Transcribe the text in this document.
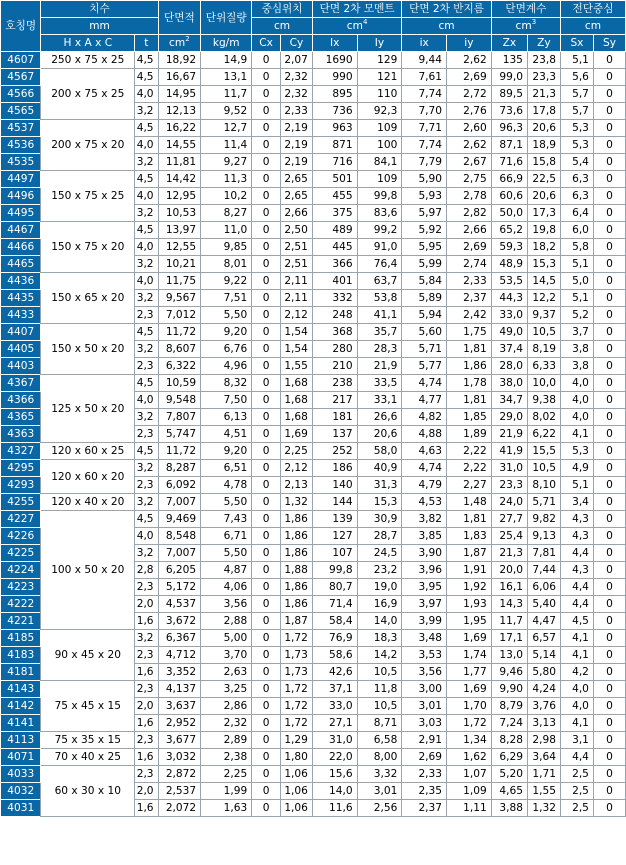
호칭명	치수		단면적	단위질량	중심위치		단면 2차 모멘트		단면 2차 반지름		단면계수		전단중심	
	mm				cm		$cm^4$		cm		$cm^3$		cm	
	H x A x C	t	$cm^2$	kg/m	Cx	Cy	Ix	Iy	ix	iy	Zx	Zy	Sx	Sy
4607	250 x 75 x 25	4,5	18,92	14,9	0	2,07	1690	129	9,44	2,62	135	23,8	5,1	0
4567	200 x 75 x 25	4,5	16,67	13,1	0	2,32	990	121	7,61	2,69	99,0	23,3	5,6	0
4566		4,0	14,95	11,7	0	2,32	895	110	7,74	2,72	89,5	21,3	5,7	0
4565		3,2	12,13	9,52	0	2,33	736	92,3	7,70	2,76	73,6	17,8	5,7	0
4537	200 x 75 x 20	4,5	16,22	12,7	0	2,19	963	109	7,71	2,60	96,3	20,6	5,3	0
4536		4,0	14,55	11,4	0	2,19	871	100	7,74	2,62	87,1	18,9	5,3	0
4535		3,2	11,81	9,27	0	2,19	716	84,1	7,79	2,67	71,6	15,8	5,4	0
4497	150 x 75 x 25	4,5	14,42	11,3	0	2,65	501	109	5,90	2,75	66,9	22,5	6,3	0
4496		4,0	12,95	10,2	0	2,65	455	99,8	5,93	2,78	60,6	20,6	6,3	0
4495		3,2	10,53	8,27	0	2,66	375	83,6	5,97	2,82	50,0	17,3	6,4	0
4467	150 x 75 x 20	4,5	13,97	11,0	0	2,50	489	99,2	5,92	2,66	65,2	19,8	6,0	0
4466		4,0	12,55	9,85	0	2,51	445	91,0	5,95	2,69	59,3	18,2	5,8	0
4465		3,2	10,21	8,01	0	2,51	366	76,4	5,99	2,74	48,9	15,3	5,1	0
4436	150 x 65 x 20	4,0	11,75	9,22	0	2,11	401	63,7	5,84	2,33	53,5	14,5	5,0	0
4435		3,2	9,567	7,51	0	2,11	332	53,8	5,89	2,37	44,3	12,2	5,1	0
4433		2,3	7,012	5,50	0	2,12	248	41,1	5,94	2,42	33,0	9,37	5,2	0
4407	150 x 50 x 20	4,5	11,72	9,20	0	1,54	368	35,7	5,60	1,75	49,0	10,5	3,7	0
4405		3,2	8,607	6,76	0	1,54	280	28,3	5,71	1,81	37,4	8,19	3,8	0
4403		2,3	6,322	4,96	0	1,55	210	21,9	5,77	1,86	28,0	6,33	3,8	0
4367	125 x 50 x 20	4,5	10,59	8,32	0	1,68	238	33,5	4,74	1,78	38,0	10,0	4,0	0
4366		4,0	9,548	7,50	0	1,68	217	33,1	4,77	1,81	34,7	9,38	4,0	0
4365		3,2	7,807	6,13	0	1,68	181	26,6	4,82	1,85	29,0	8,02	4,0	0
4363		2,3	5,747	4,51	0	1,69	137	20,6	4,88	1,89	21,9	6,22	4,1	0
4327	120 x 60 x 25	4,5	11,72	9,20	0	2,25	252	58,0	4,63	2,22	41,9	15,5	5,3	0
4295	120 x 60 x 20	3,2	8,287	6,51	0	2,12	186	40,9	4,74	2,22	31,0	10,5	4,9	0
4293		2,3	6,092	4,78	0	2,13	140	31,3	4,79	2,27	23,3	8,10	5,1	0
4255	120 x 40 x 20	3,2	7,007	5,50	0	1,32	144	15,3	4,53	1,48	24,0	5,71	3,4	0
4227	100 x 50 x 20	4,5	9,469	7,43	0	1,86	139	30,9	3,82	1,81	27,7	9,82	4,3	0
4226		4,0	8,548	6,71	0	1,86	127	28,7	3,85	1,83	25,4	9,13	4,3	0
4225		3,2	7,007	5,50	0	1,86	107	24,5	3,90	1,87	21,3	7,81	4,4	0
4224		2,8	6,205	4,87	0	1,88	99,8	23,2	3,96	1,91	20,0	7,44	4,3	0
4223		2,3	5,172	4,06	0	1,86	80,7	19,0	3,95	1,92	16,1	6,06	4,4	0
4222		2,0	4,537	3,56	0	1,86	71,4	16,9	3,97	1,93	14,3	5,40	4,4	0
4221		1,6	3,672	2,88	0	1,87	58,4	14,0	3,99	1,95	11,7	4,47	4,5	0
4185	90 x 45 x 20	3,2	6,367	5,00	0	1,72	76,9	18,3	3,48	1,69	17,1	6,57	4,1	0
4183		2,3	4,712	3,70	0	1,73	58,6	14,2	3,53	1,74	13,0	5,14	4,1	0
4181		1,6	3,352	2,63	0	1,73	42,6	10,5	3,56	1,77	9,46	5,80	4,2	0
4143	75 x 45 x 15	2,3	4,137	3,25	0	1,72	37,1	11,8	3,00	1,69	9,90	4,24	4,0	0
4142		2,0	3,637	2,86	0	1,72	33,0	10,5	3,01	1,70	8,79	3,76	4,0	0
4141		1,6	2,952	2,32	0	1,72	27,1	8,71	3,03	1,72	7,24	3,13	4,1	0
4113	75 x 35 x 15	2,3	3,677	2,89	0	1,29	31,0	6,58	2,91	1,34	8,28	2,98	3,1	0
4071	70 x 40 x 25	1,6	3,032	2,38	0	1,80	22,0	8,00	2,69	1,62	6,29	3,64	4,4	0
4033	60 x 30 x 10	2,3	2,872	2,25	0	1,06	15,6	3,32	2,33	1,07	5,20	1,71	2,5	0
4032		2,0	2,537	1,99	0	1,06	14,0	3,01	2,35	1,09	4,65	1,55	2,5	0
4031		1,6	2,072	1,63	0	1,06	11,6	2,56	2,37	1,11	3,88	1,32	2,5	0
